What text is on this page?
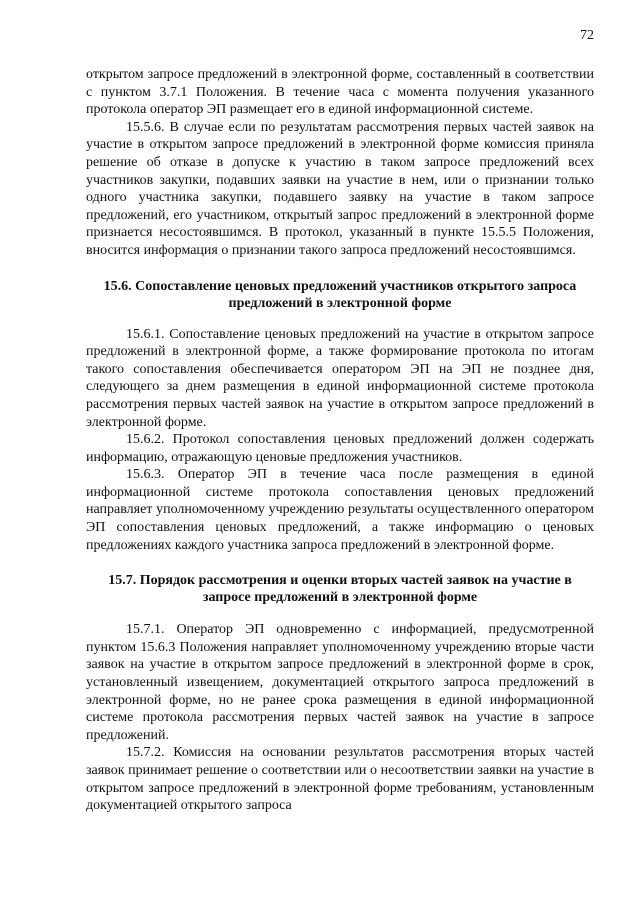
72

открытом запросе предложений в электронной форме, составленный в соответствии с пунктом 3.7.1 Положения. В течение часа с момента получения указанного протокола оператор ЭП размещает его в единой информационной системе.

15.5.6. В случае если по результатам рассмотрения первых частей заявок на участие в открытом запросе предложений в электронной форме комиссия приняла решение об отказе в допуске к участию в таком запросе предложений всех участников закупки, подавших заявки на участие в нем, или о признании только одного участника закупки, подавшего заявку на участие в таком запросе предложений, его участником, открытый запрос предложений в электронной форме признается несостоявшимся. В протокол, указанный в пункте 15.5.5 Положения, вносится информация о признании такого запроса предложений несостоявшимся.

15.6. Сопоставление ценовых предложений участников открытого запроса предложений в электронной форме

15.6.1. Сопоставление ценовых предложений на участие в открытом запросе предложений в электронной форме, а также формирование протокола по итогам такого сопоставления обеспечивается оператором ЭП на ЭП не позднее дня, следующего за днем размещения в единой информационной системе протокола рассмотрения первых частей заявок на участие в открытом запросе предложений в электронной форме.

15.6.2. Протокол сопоставления ценовых предложений должен содержать информацию, отражающую ценовые предложения участников.

15.6.3. Оператор ЭП в течение часа после размещения в единой информационной системе протокола сопоставления ценовых предложений направляет уполномоченному учреждению результаты осуществленного оператором ЭП сопоставления ценовых предложений, а также информацию о ценовых предложениях каждого участника запроса предложений в электронной форме.

15.7. Порядок рассмотрения и оценки вторых частей заявок на участие в запросе предложений в электронной форме

15.7.1. Оператор ЭП одновременно с информацией, предусмотренной пунктом 15.6.3 Положения направляет уполномоченному учреждению вторые части заявок на участие в открытом запросе предложений в электронной форме в срок, установленный извещением, документацией открытого запроса предложений в электронной форме, но не ранее срока размещения в единой информационной системе протокола рассмотрения первых частей заявок на участие в запросе предложений.

15.7.2. Комиссия на основании результатов рассмотрения вторых частей заявок принимает решение о соответствии или о несоответствии заявки на участие в открытом запросе предложений в электронной форме требованиям, установленным документацией открытого запроса
